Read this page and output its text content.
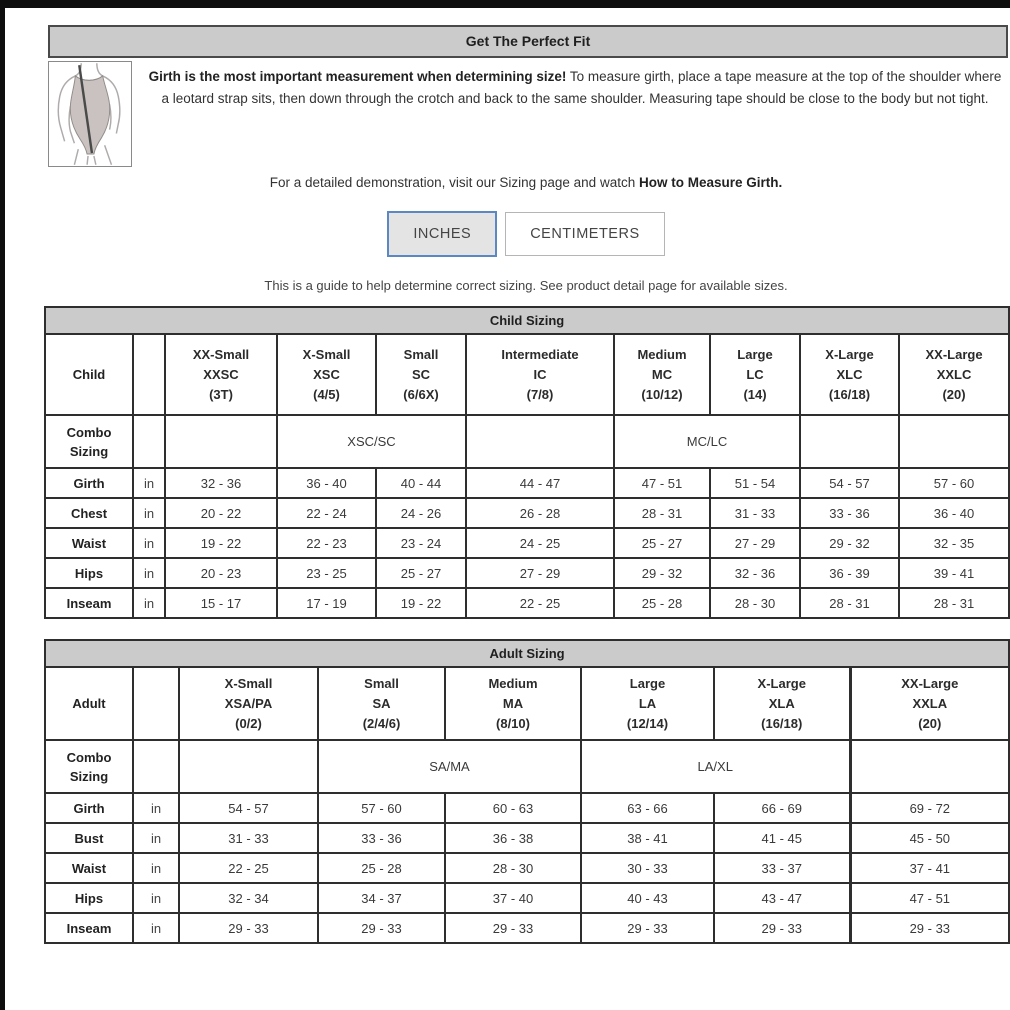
Get The Perfect Fit
Girth is the most important measurement when determining size! To measure girth, place a tape measure at the top of the shoulder where a leotard strap sits, then down through the crotch and back to the same shoulder. Measuring tape should be close to the body but not tight.

For a detailed demonstration, visit our Sizing page and watch How to Measure Girth.

INCHES	CENTIMETERS

This is a guide to help determine correct sizing. See product detail page for available sizes.

Child Sizing									
Child		XX-Small
XXSC
(3T)	X-Small
XSC
(4/5)	Small
SC
(6/6X)	Intermediate
IC
(7/8)	Medium
MC
(10/12)	Large
LC
(14)	X-Large
XLC
(16/18)	XX-Large
XXLC
(20)

Combo Sizing			XSC/SC			MC/LC			
Girth	in	32 - 36	36 - 40	40 - 44	44 - 47	47 - 51	51 - 54	54 - 57	57 - 60
Chest	in	20 - 22	22 - 24	24 - 26	26 - 28	28 - 31	31 - 33	33 - 36	36 - 40
Waist	in	19 - 22	22 - 23	23 - 24	24 - 25	25 - 27	27 - 29	29 - 32	32 - 35
Hips	in	20 - 23	23 - 25	25 - 27	27 - 29	29 - 32	32 - 36	36 - 39	39 - 41
Inseam	in	15 - 17	17 - 19	19 - 22	22 - 25	25 - 28	28 - 30	28 - 31	28 - 31
Adult Sizing							
Adult		X-Small
XSA/PA
(0/2)	Small
SA
(2/4/6)	Medium
MA
(8/10)	Large
LA
(12/14)	X-Large
XLA
(16/18)	XX-Large
XXLA
(20)

Combo Sizing			SA/MA		LA/XL		
Girth	in	54 - 57	57 - 60	60 - 63	63 - 66	66 - 69	69 - 72
Bust	in	31 - 33	33 - 36	36 - 38	38 - 41	41 - 45	45 - 50
Waist	in	22 - 25	25 - 28	28 - 30	30 - 33	33 - 37	37 - 41
Hips	in	32 - 34	34 - 37	37 - 40	40 - 43	43 - 47	47 - 51
Inseam	in	29 - 33	29 - 33	29 - 33	29 - 33	29 - 33	29 - 33
